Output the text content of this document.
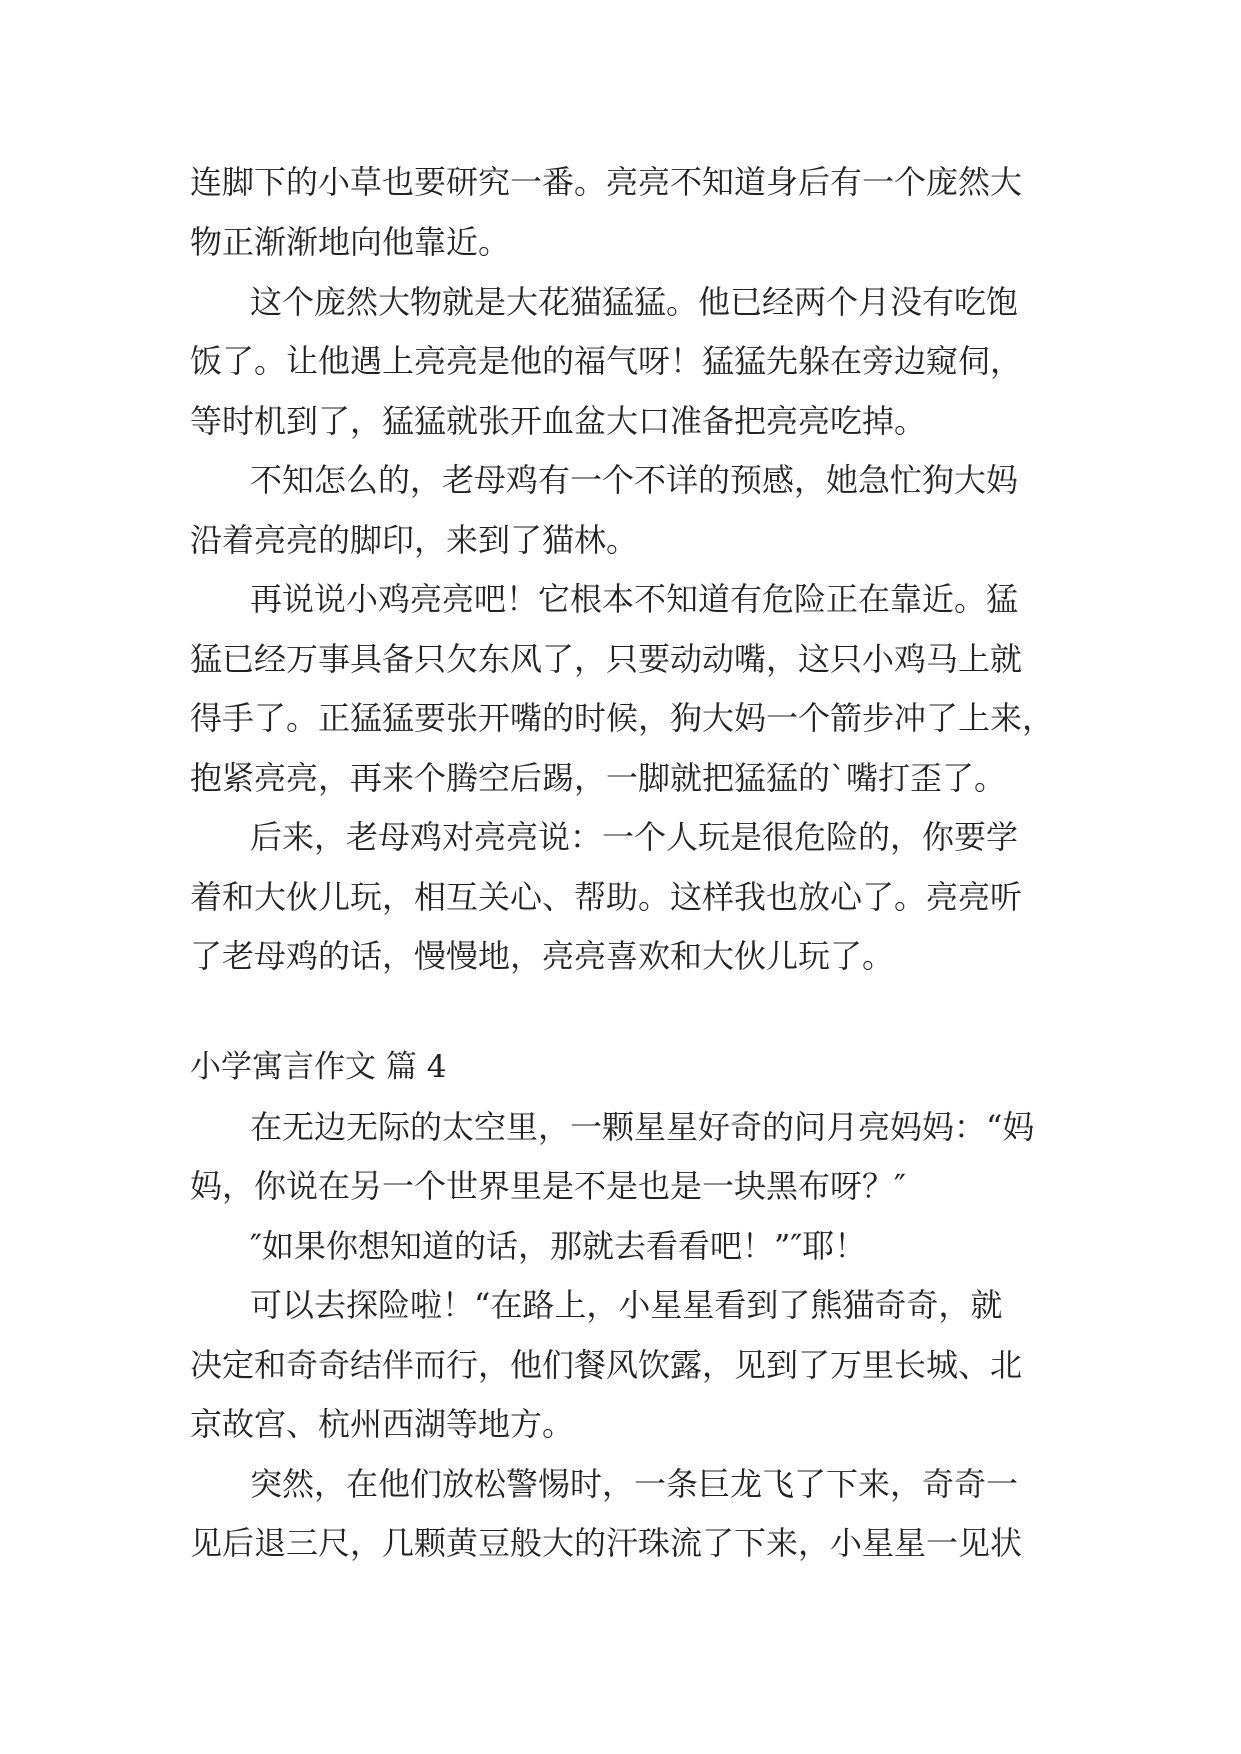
连脚下的小草也要研究一番。亮亮不知道身后有一个庞然大
物正渐渐地向他靠近。
这个庞然大物就是大花猫猛猛。他已经两个月没有吃饱
饭了。让他遇上亮亮是他的福气呀！猛猛先躲在旁边窥伺，
等时机到了，猛猛就张开血盆大口准备把亮亮吃掉。
不知怎么的，老母鸡有一个不详的预感，她急忙狗大妈
沿着亮亮的脚印，来到了猫林。
再说说小鸡亮亮吧！它根本不知道有危险正在靠近。猛
猛已经万事具备只欠东风了，只要动动嘴，这只小鸡马上就
得手了。正猛猛要张开嘴的时候，狗大妈一个箭步冲了上来，
抱紧亮亮，再来个腾空后踢，一脚就把猛猛的`嘴打歪了。
后来，老母鸡对亮亮说：一个人玩是很危险的，你要学
着和大伙儿玩，相互关心、帮助。这样我也放心了。亮亮听
了老母鸡的话，慢慢地，亮亮喜欢和大伙儿玩了。
小学寓言作文 篇 4
在无边无际的太空里，一颗星星好奇的问月亮妈妈：“妈
妈，你说在另一个世界里是不是也是一块黑布呀？″
″如果你想知道的话，那就去看看吧！”″耶！
可以去探险啦！“在路上，小星星看到了熊猫奇奇，就
决定和奇奇结伴而行，他们餐风饮露，见到了万里长城、北
京故宫、杭州西湖等地方。
突然，在他们放松警惕时，一条巨龙飞了下来，奇奇一
见后退三尺，几颗黄豆般大的汗珠流了下来，小星星一见状
